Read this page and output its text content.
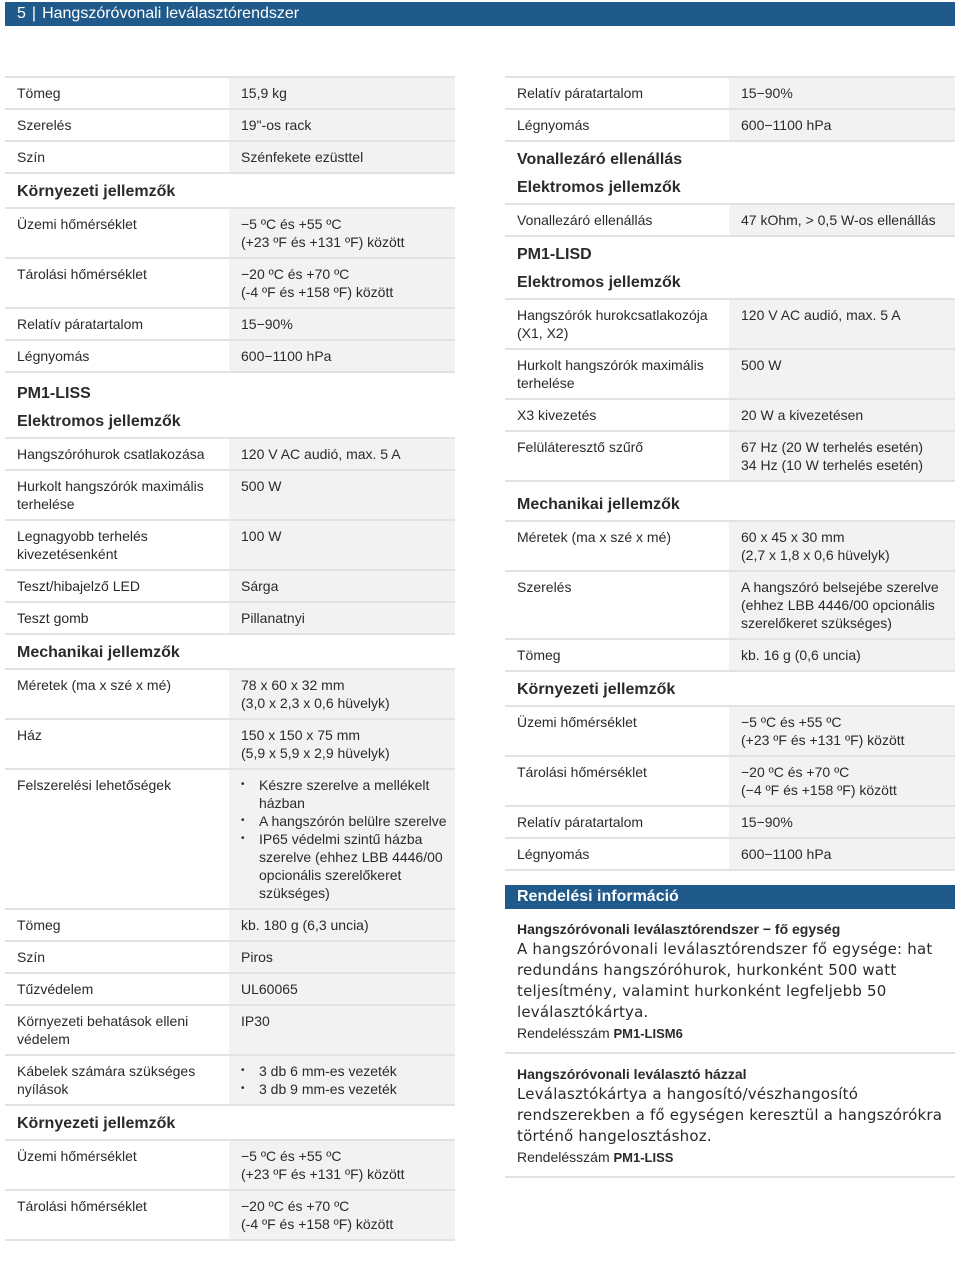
5 | Hangszóróvonali leválasztórendszer
Tömeg	15,9 kg
Szerelés	19"-os rack
Szín	Szénfekete ezüsttel
Környezeti jellemzők
Üzemi hőmérséklet	−5 ºC és +55 ºC
(+23 ºF és +131 ºF) között
Tárolási hőmérséklet	−20 ºC és +70 ºC
(-4 ºF és +158 ºF) között
Relatív páratartalom	15−90%
Légnyomás	600−1100 hPa
PM1-LISS
Elektromos jellemzők
Hangszóróhurok csatlakozása	120 V AC audió, max. 5 A
Hurkolt hangszórók maximális terhelése
500 W
Legnagyobb terhelés kivezetésenként
100 W
Teszt/hibajelző LED	Sárga
Teszt gomb	Pillanatnyi
Mechanikai jellemzők
Méretek (ma x szé x mé)	78 x 60 x 32 mm
(3,0 x 2,3 x 0,6 hüvelyk)
Ház	150 x 150 x 75 mm
(5,9 x 5,9 x 2,9 hüvelyk)
Felszerelési lehetőségek
•	Készre szerelve a mellékelt házban
• A hangszórón belülre szerelve
• IP65 védelmi szintű házba szerelve (ehhez LBB 4446/00 opcionális szerelőkeret szükséges)
Tömeg	kb. 180 g (6,3 uncia)
Szín	Piros
Tűzvédelem	UL60065
Környezeti behatások elleni védelem
IP30
Kábelek számára szükséges nyílások
• 3 db 6 mm-es vezeték
• 3 db 9 mm-es vezeték
Környezeti jellemzők
Üzemi hőmérséklet	−5 ºC és +55 ºC
(+23 ºF és +131 ºF) között
Tárolási hőmérséklet	−20 ºC és +70 ºC
(-4 ºF és +158 ºF) között
Relatív páratartalom	15−90%
Légnyomás	600−1100 hPa
Vonallezáró ellenállás
Elektromos jellemzők
Vonallezáró ellenállás	47 kOhm, > 0,5 W-os ellenállás
PM1-LISD
Elektromos jellemzők
Hangszórók hurokcsatlakozója
(X1, X2)
120 V AC audió, max. 5 A
Hurkolt hangszórók maximális terhelése
500 W
X3 kivezetés	20 W a kivezetésen
Felüláteresztő szűrő	67 Hz (20 W terhelés esetén)
34 Hz (10 W terhelés esetén)
Mechanikai jellemzők
Méretek (ma x szé x mé)	60 x 45 x 30 mm
(2,7 x 1,8 x 0,6 hüvelyk)
Szerelés	A hangszóró belsejébe szerelve (ehhez LBB 4446/00 opcionális szerelőkeret szükséges)
Tömeg	kb. 16 g (0,6 uncia)
Környezeti jellemzők
Üzemi hőmérséklet	−5 ºC és +55 ºC
(+23 ºF és +131 ºF) között
Tárolási hőmérséklet	−20 ºC és +70 ºC
(−4 ºF és +158 ºF) között
Relatív páratartalom	15−90%
Légnyomás	600−1100 hPa
Rendelési információ
Hangszóróvonali leválasztórendszer − fő egység
A hangszóróvonali leválasztórendszer fő egysége: hat redundáns hangszóróhurok, hurkonként 500 watt teljesítmény, valamint hurkonként legfeljebb 50 leválasztókártya.
Rendelésszám PM1-LISM6
Hangszóróvonali leválasztó házzal
Leválasztókártya a hangosító/vészhangosító rendszerekben a fő egységen keresztül a hangszórókra történő hangelosztáshoz.
Rendelésszám PM1-LISS
